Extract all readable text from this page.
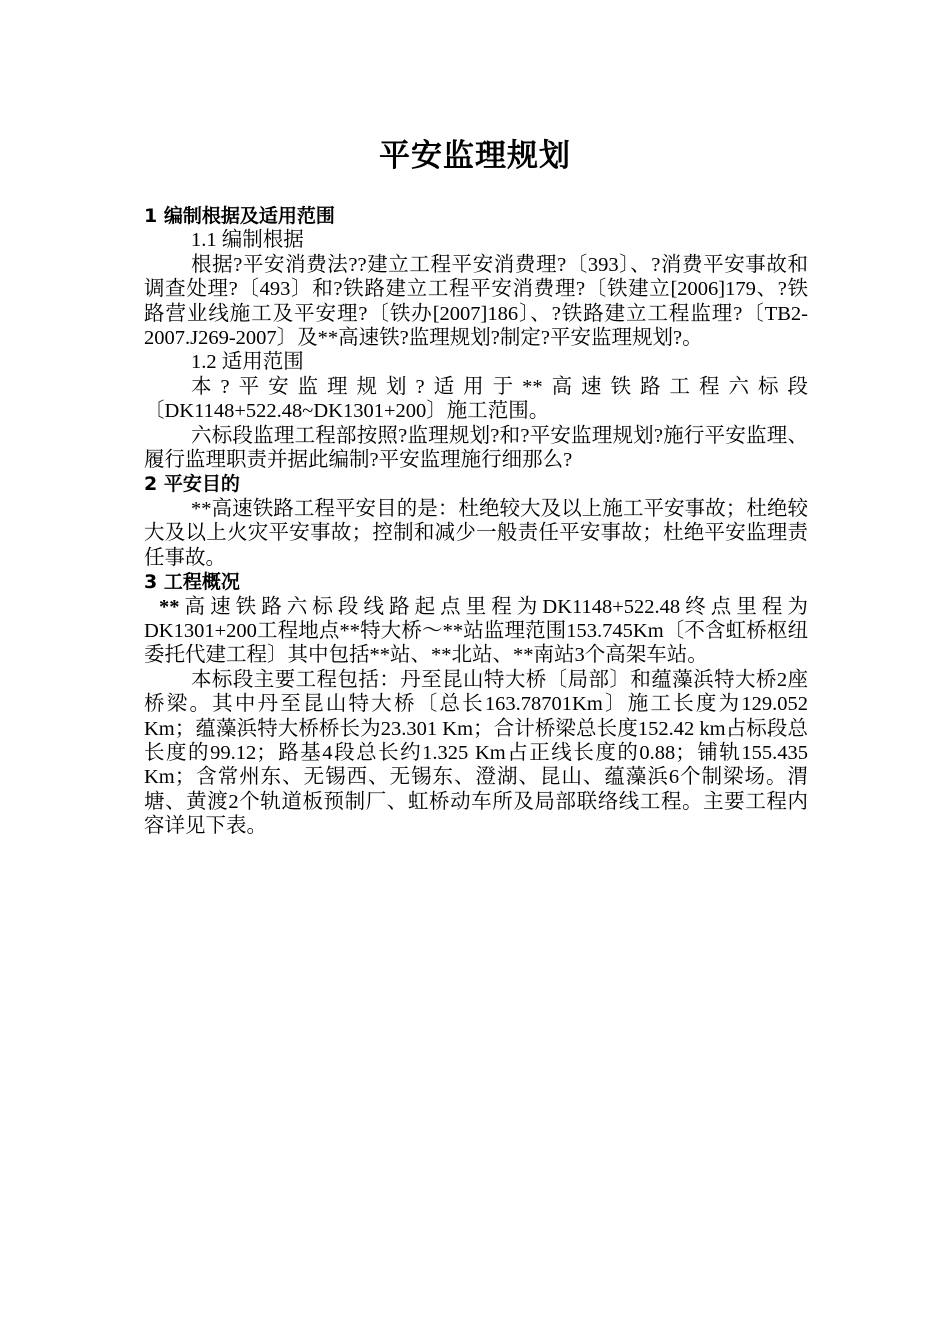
平安监理规划

1 编制根据及适用范围

1.1 编制根据

根据?平安消费法??建立工程平安消费理?〔393〕、?消费平安事故和调查处理?〔493〕和?铁路建立工程平安消费理?〔铁建立[2006]179、?铁路营业线施工及平安理?〔铁办[2007]186〕、?铁路建立工程监理?〔TB2-2007.J269-2007〕及**高速铁?监理规划?制定?平安监理规划?。

1.2 适用范围

本?平安监理规划?适用于**高速铁路工程六标段

〔DK1148+522.48~DK1301+200〕施工范围。

六标段监理工程部按照?监理规划?和?平安监理规划?施行平安监理、履行监理职责并据此编制?平安监理施行细那么?

2 平安目的

**高速铁路工程平安目的是：杜绝较大及以上施工平安事故；杜绝较大及以上火灾平安事故；控制和减少一般责任平安事故；杜绝平安监理责任事故。

3 工程概况

**高速铁路六标段线路起点里程为DK1148+522.48终点里程为DK1301+200工程地点**特大桥～**站监理范围153.745Km〔不含虹桥枢纽委托代建工程〕其中包括**站、**北站、**南站3个高架车站。

本标段主要工程包括：丹至昆山特大桥〔局部〕和蕴藻浜特大桥2座桥梁。其中丹至昆山特大桥〔总长163.78701Km〕施工长度为129.052 Km；蕴藻浜特大桥桥长为23.301 Km；合计桥梁总长度152.42 km占标段总长度的99.12；路基4段总长约1.325 Km占正线长度的0.88；铺轨155.435 Km；含常州东、无锡西、无锡东、澄湖、昆山、蕴藻浜6个制梁场。渭塘、黄渡2个轨道板预制厂、虹桥动车所及局部联络线工程。主要工程内容详见下表。
